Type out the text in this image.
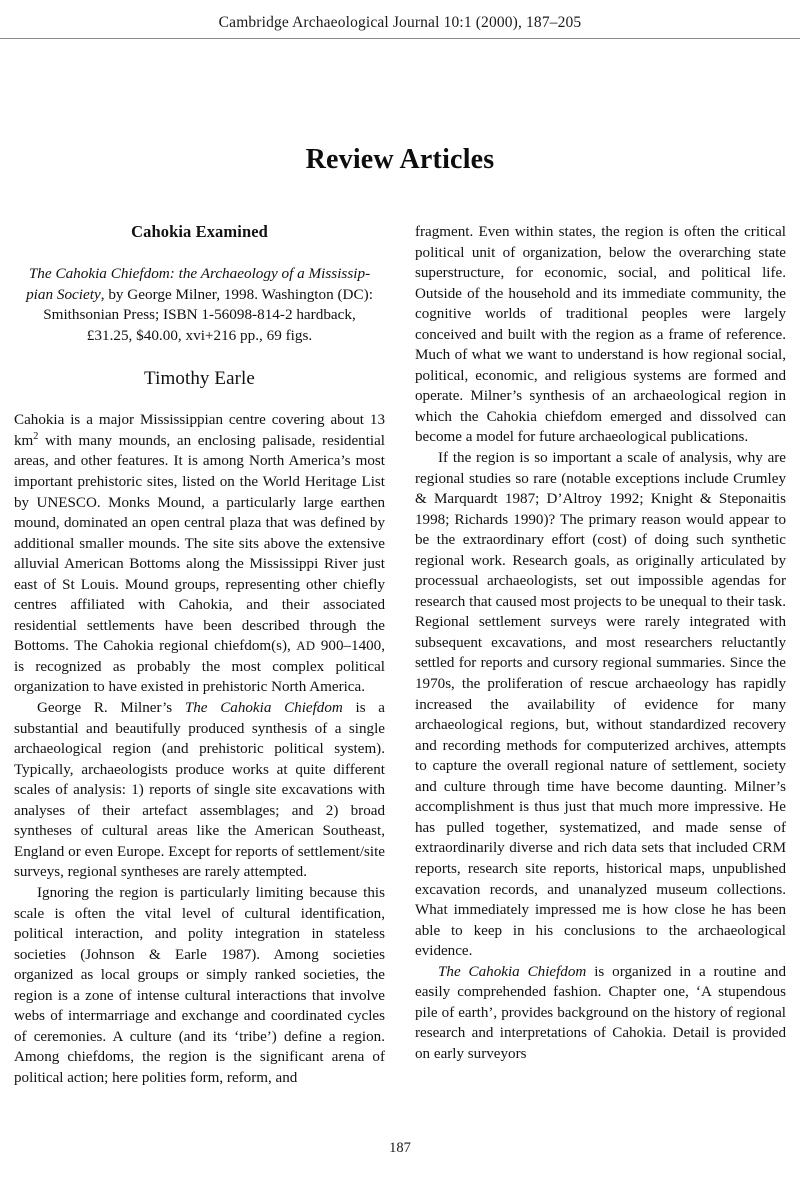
Cambridge Archaeological Journal 10:1 (2000), 187–205
Review Articles
Cahokia Examined

The Cahokia Chiefdom: the Archaeology of a Mississip-pian Society, by George Milner, 1998. Washington (DC): Smithsonian Press; ISBN 1-56098-814-2 hardback, £31.25, $40.00, xvi+216 pp., 69 figs.

Timothy Earle

Cahokia is a major Mississippian centre covering about 13 $km^2$ with many mounds, an enclosing palisade, residential areas, and other features. It is among North America’s most important prehistoric sites, listed on the World Heritage List by UNESCO. Monks Mound, a particularly large earthen mound, dominated an open central plaza that was defined by additional smaller mounds. The site sits above the extensive alluvial American Bottoms along the Mississippi River just east of St Louis. Mound groups, representing other chiefly centres affiliated with Cahokia, and their associated residential settlements have been described through the Bottoms. The Cahokia regional chiefdom(s), AD 900–1400, is recognized as probably the most complex political organization to have existed in prehistoric North America.

George R. Milner’s The Cahokia Chiefdom is a substantial and beautifully produced synthesis of a single archaeological region (and prehistoric political system). Typically, archaeologists produce works at quite different scales of analysis: 1) reports of single site excavations with analyses of their artefact assemblages; and 2) broad syntheses of cultural areas like the American Southeast, England or even Europe. Except for reports of settlement/site surveys, regional syntheses are rarely attempted.

Ignoring the region is particularly limiting because this scale is often the vital level of cultural identification, political interaction, and polity integration in stateless societies (Johnson & Earle 1987). Among societies organized as local groups or simply ranked societies, the region is a zone of intense cultural interactions that involve webs of intermarriage and exchange and coordinated cycles of ceremonies. A culture (and its ‘tribe’) define a region. Among chiefdoms, the region is the significant arena of political action; here polities form, reform, and

fragment. Even within states, the region is often the critical political unit of organization, below the overarching state superstructure, for economic, social, and political life. Outside of the household and its immediate community, the cognitive worlds of traditional peoples were largely conceived and built with the region as a frame of reference. Much of what we want to understand is how regional social, political, economic, and religious systems are formed and operate. Milner’s synthesis of an archaeological region in which the Cahokia chiefdom emerged and dissolved can become a model for future archaeological publications.

If the region is so important a scale of analysis, why are regional studies so rare (notable exceptions include Crumley & Marquardt 1987; D’Altroy 1992; Knight & Steponaitis 1998; Richards 1990)? The primary reason would appear to be the extraordinary effort (cost) of doing such synthetic regional work. Research goals, as originally articulated by processual archaeologists, set out impossible agendas for research that caused most projects to be unequal to their task. Regional settlement surveys were rarely integrated with subsequent excavations, and most researchers reluctantly settled for reports and cursory regional summaries. Since the 1970s, the proliferation of rescue archaeology has rapidly increased the availability of evidence for many archaeological regions, but, without standardized recovery and recording methods for computerized archives, attempts to capture the overall regional nature of settlement, society and culture through time have become daunting. Milner’s accomplishment is thus just that much more impressive. He has pulled together, systematized, and made sense of extraordinarily diverse and rich data sets that included CRM reports, research site reports, historical maps, unpublished excavation records, and unanalyzed museum collections. What immediately impressed me is how close he has been able to keep in his conclusions to the archaeological evidence.

The Cahokia Chiefdom is organized in a routine and easily comprehended fashion. Chapter one, ‘A stupendous pile of earth’, provides background on the history of regional research and interpretations of Cahokia. Detail is provided on early surveyors

187
